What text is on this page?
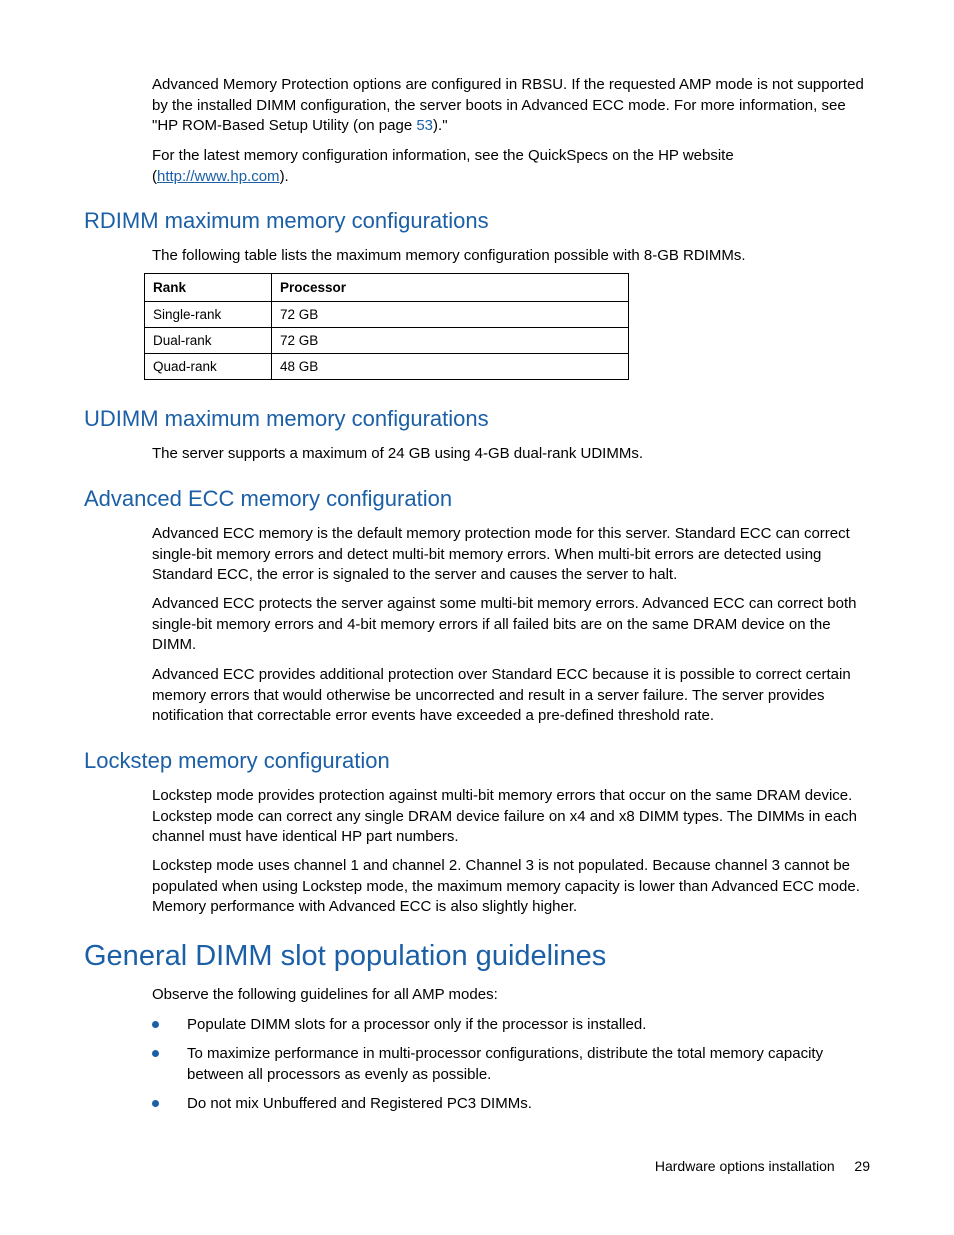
Advanced Memory Protection options are configured in RBSU. If the requested AMP mode is not supported by the installed DIMM configuration, the server boots in Advanced ECC mode. For more information, see "HP ROM-Based Setup Utility (on page 53)."

For the latest memory configuration information, see the QuickSpecs on the HP website (http://www.hp.com).

RDIMM maximum memory configurations

The following table lists the maximum memory configuration possible with 8-GB RDIMMs.

Rank	Processor
Single-rank	72 GB
Dual-rank	72 GB
Quad-rank	48 GB
UDIMM maximum memory configurations

The server supports a maximum of 24 GB using 4-GB dual-rank UDIMMs.

Advanced ECC memory configuration

Advanced ECC memory is the default memory protection mode for this server. Standard ECC can correct single-bit memory errors and detect multi-bit memory errors. When multi-bit errors are detected using Standard ECC, the error is signaled to the server and causes the server to halt.

Advanced ECC protects the server against some multi-bit memory errors. Advanced ECC can correct both single-bit memory errors and 4-bit memory errors if all failed bits are on the same DRAM device on the DIMM.

Advanced ECC provides additional protection over Standard ECC because it is possible to correct certain memory errors that would otherwise be uncorrected and result in a server failure. The server provides notification that correctable error events have exceeded a pre-defined threshold rate.

Lockstep memory configuration

Lockstep mode provides protection against multi-bit memory errors that occur on the same DRAM device. Lockstep mode can correct any single DRAM device failure on x4 and x8 DIMM types. The DIMMs in each channel must have identical HP part numbers.

Lockstep mode uses channel 1 and channel 2. Channel 3 is not populated. Because channel 3 cannot be populated when using Lockstep mode, the maximum memory capacity is lower than Advanced ECC mode. Memory performance with Advanced ECC is also slightly higher.

General DIMM slot population guidelines

Observe the following guidelines for all AMP modes:

Populate DIMM slots for a processor only if the processor is installed.
To maximize performance in multi-processor configurations, distribute the total memory capacity between all processors as evenly as possible.
Do not mix Unbuffered and Registered PC3 DIMMs.
Hardware options installation 29
